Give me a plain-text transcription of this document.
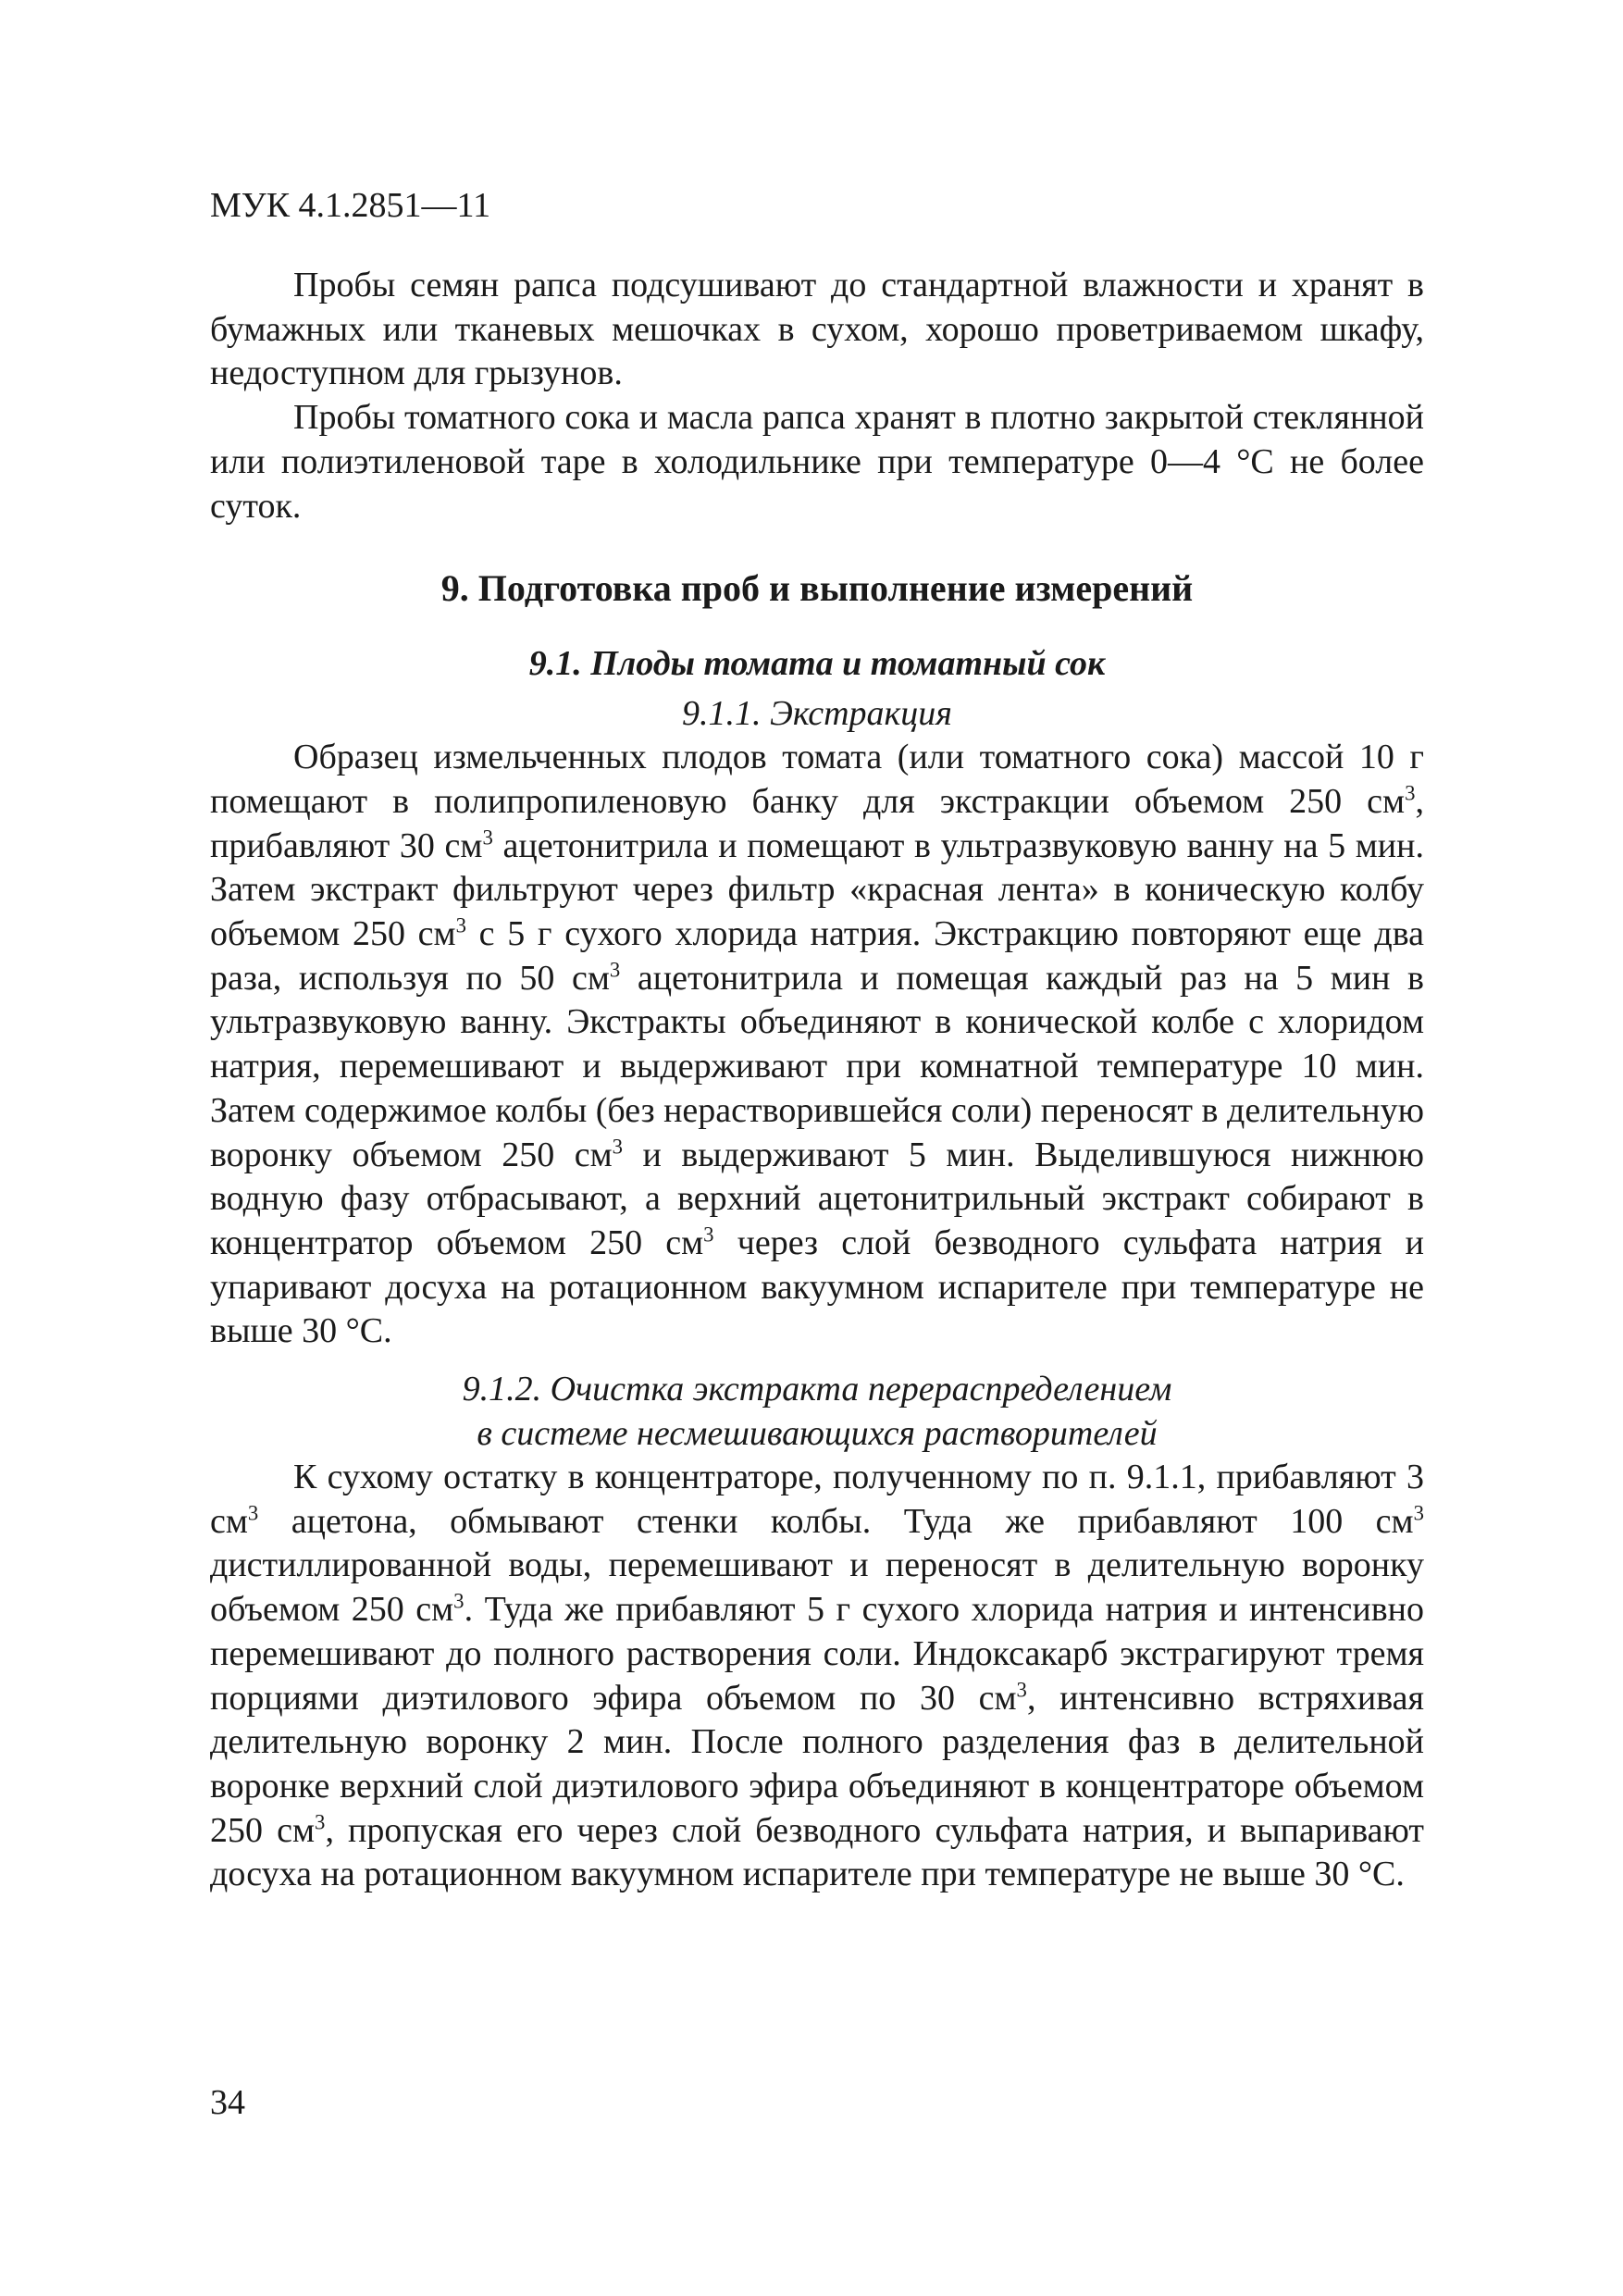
МУК 4.1.2851—11

Пробы семян рапса подсушивают до стандартной влажности и хранят в бумажных или тканевых мешочках в сухом, хорошо проветриваемом шкафу, недоступном для грызунов.

Пробы томатного сока и масла рапса хранят в плотно закрытой стеклянной или полиэтиленовой таре в холодильнике при температуре 0—4 °С не более суток.

9. Подготовка проб и выполнение измерений
9.1. Плоды томата и томатный сок
9.1.1. Экстракция

Образец измельченных плодов томата (или томатного сока) массой 10 г помещают в полипропиленовую банку для экстракции объемом 250 $см^3$, прибавляют 30 $см^3$ ацетонитрила и помещают в ультразвуковую ванну на 5 мин. Затем экстракт фильтруют через фильтр «красная лента» в коническую колбу объемом 250 $см^3$ с 5 г сухого хлорида натрия. Экстракцию повторяют еще два раза, используя по 50 $см^3$ ацетонитрила и помещая каждый раз на 5 мин в ультразвуковую ванну. Экстракты объединяют в конической колбе с хлоридом натрия, перемешивают и выдерживают при комнатной температуре 10 мин. Затем содержимое колбы (без нерастворившейся соли) переносят в делительную воронку объемом 250 $см^3$ и выдерживают 5 мин. Выделившуюся нижнюю водную фазу отбрасывают, а верхний ацетонитрильный экстракт собирают в концентратор объемом 250 $см^3$ через слой безводного сульфата натрия и упаривают досуха на ротационном вакуумном испарителе при температуре не выше 30 °С.

9.1.2. Очистка экстракта перераспределением
в системе несмешивающихся растворителей

К сухому остатку в концентраторе, полученному по п. 9.1.1, прибавляют 3 $см^3$ ацетона, обмывают стенки колбы. Туда же прибавляют 100 $см^3$ дистиллированной воды, перемешивают и переносят в делительную воронку объемом 250 $см^3$. Туда же прибавляют 5 г сухого хлорида натрия и интенсивно перемешивают до полного растворения соли. Индоксакарб экстрагируют тремя порциями диэтилового эфира объемом по 30 $см^3$, интенсивно встряхивая делительную воронку 2 мин. После полного разделения фаз в делительной воронке верхний слой диэтилового эфира объединяют в концентраторе объемом 250 $см^3$, пропуская его через слой безводного сульфата натрия, и выпаривают досуха на ротационном вакуумном испарителе при температуре не выше 30 °С.

34
